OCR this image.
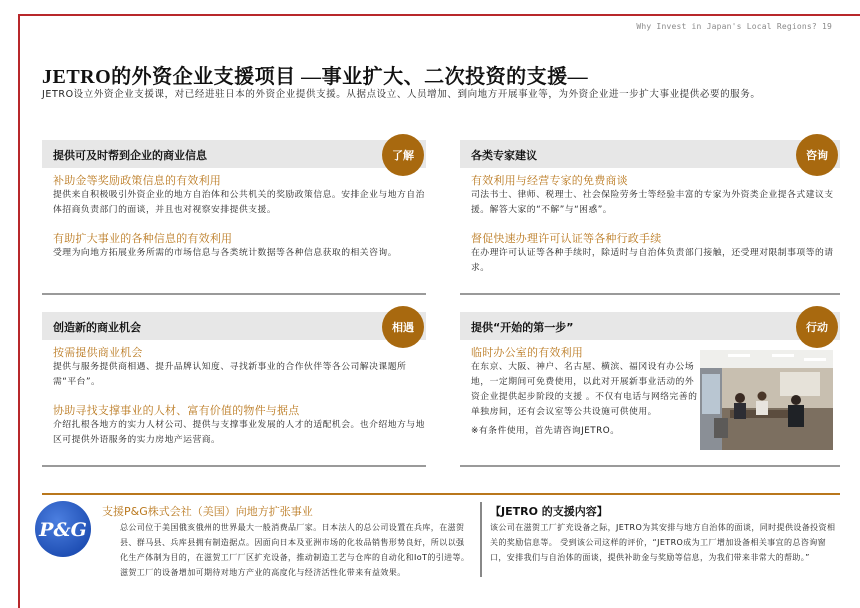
Why Invest in Japan's Local Regions? 19
JETRO的外资企业支援项目 —事业扩大、二次投资的支援—

JETRO设立外资企业支援课，对已经进驻日本的外资企业提供支援。从据点设立、人员增加、到向地方开展事业等，为外资企业进一步扩大事业提供必要的服务。

提供可及时帮到企业的商业信息	了解
补助金等奖励政策信息的有效利用

提供来自积极吸引外资企业的地方自治体和公共机关的奖励政策信息。安排企业与地方自治体招商负责部门的面谈，并且也对视察安排提供支援。

有助扩大事业的各种信息的有效利用

受理为向地方拓展业务所需的市场信息与各类统计数据等各种信息获取的相关咨询。

各类专家建议	咨询
有效利用与经营专家的免费商谈

司法书士、律师、税理士、社会保险劳务士等经验丰富的专家为外资类企业提各式建议支援。解答大家的“不解”与“困惑”。

督促快速办理许可认证等各种行政手续

在办理许可认证等各种手续时，除适时与自治体负责部门接触，还受理对限制事项等的请求。

创造新的商业机会	相遇
按需提供商业机会

提供与服务提供商相遇、提升品牌认知度、寻找新事业的合作伙伴等各公司解决课题所需“平台”。

协助寻找支撑事业的人材、富有价值的物件与据点

介绍扎根各地方的实力人材公司、提供与支撑事业发展的人才的适配机会。也介绍地方与地区可提供外语服务的实力房地产运营商。

提供“开始的第一步”	行动
临时办公室的有效利用

在东京、大阪、神户、名古屋、横滨、福冈设有办公场地，一定期间可免费使用，以此对开展新事业活动的外资企业提供起步阶段的支援 。不仅有电话与网络完善的单独房间，还有会议室等公共设施可供使用。

※有条件使用，首先请咨询JETRO。

P&G
支援P&G株式会社（美国）向地方扩张事业

总公司位于美国俄亥俄州的世界最大一般消费品厂家。日本法人的总公司设置在兵库，在滋贺县、群马县、兵库县拥有制造据点。因面向日本及亚洲市场的化妆品销售形势良好，所以以强化生产体制为目的，在滋贺工厂厂区扩充设备，推动制造工艺与仓库的自动化和IoT的引进等。滋贺工厂的设备增加可期待对地方产业的高度化与经济活性化带来有益效果。

【JETRO 的支援内容】

该公司在滋贺工厂扩充设备之际，JETRO为其安排与地方自治体的面谈，同时提供设备投资相关的奖励信息等。 受到该公司这样的评价，“JETRO成为工厂增加设备相关事宜的总咨询窗口，安排我们与自治体的面谈，提供补助金与奖励等信息，为我们带来非常大的帮助。”
